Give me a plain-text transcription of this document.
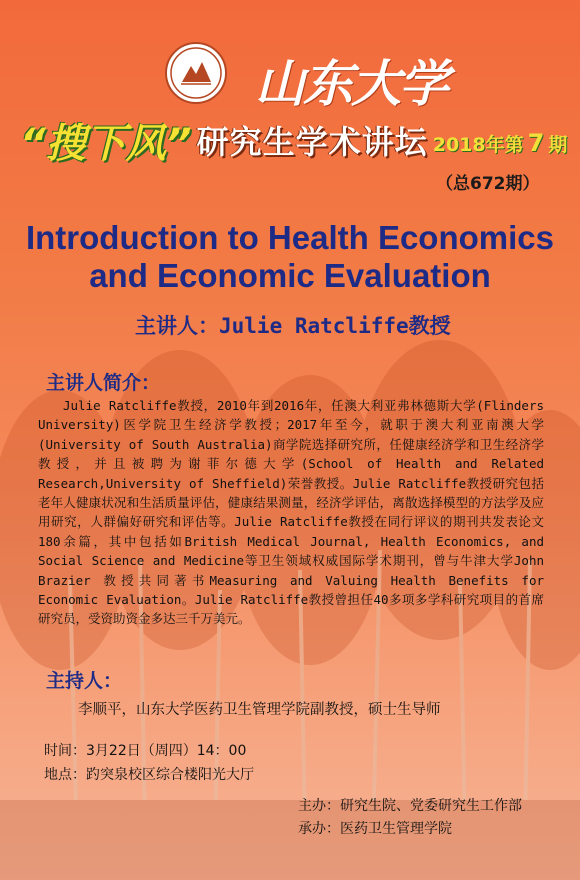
山东大学
“搜下风” 研究生学术讲坛 2018年第 7 期
（总672期）
Introduction to Health Economics
and Economic Evaluation
主讲人：Julie Ratcliffe教授
主讲人简介：
Julie Ratcliffe教授，2010年到2016年，任澳大利亚弗林德斯大学(Flinders University)医学院卫生经济学教授；2017年至今，就职于澳大利亚南澳大学(University of South Australia)商学院选择研究所，任健康经济学和卫生经济学教授，并且被聘为谢菲尔德大学(School of Health and Related Research,University of Sheffield)荣誉教授。Julie Ratcliffe教授研究包括老年人健康状况和生活质量评估，健康结果测量，经济学评估，离散选择模型的方法学及应用研究，人群偏好研究和评估等。Julie Ratcliffe教授在同行评议的期刊共发表论文180余篇，其中包括如British Medical Journal, Health Economics, and Social Science and Medicine等卫生领域权威国际学术期刊，曾与牛津大学John Brazier 教授共同著书Measuring and Valuing Health Benefits for Economic Evaluation。Julie Ratcliffe教授曾担任40多项多学科研究项目的首席研究员，受资助资金多达三千万美元。
主持人：
李顺平，山东大学医药卫生管理学院副教授，硕士生导师
时间：3月22日（周四）14：00
地点：趵突泉校区综合楼阳光大厅
主办：研究生院、党委研究生工作部
承办：医药卫生管理学院
